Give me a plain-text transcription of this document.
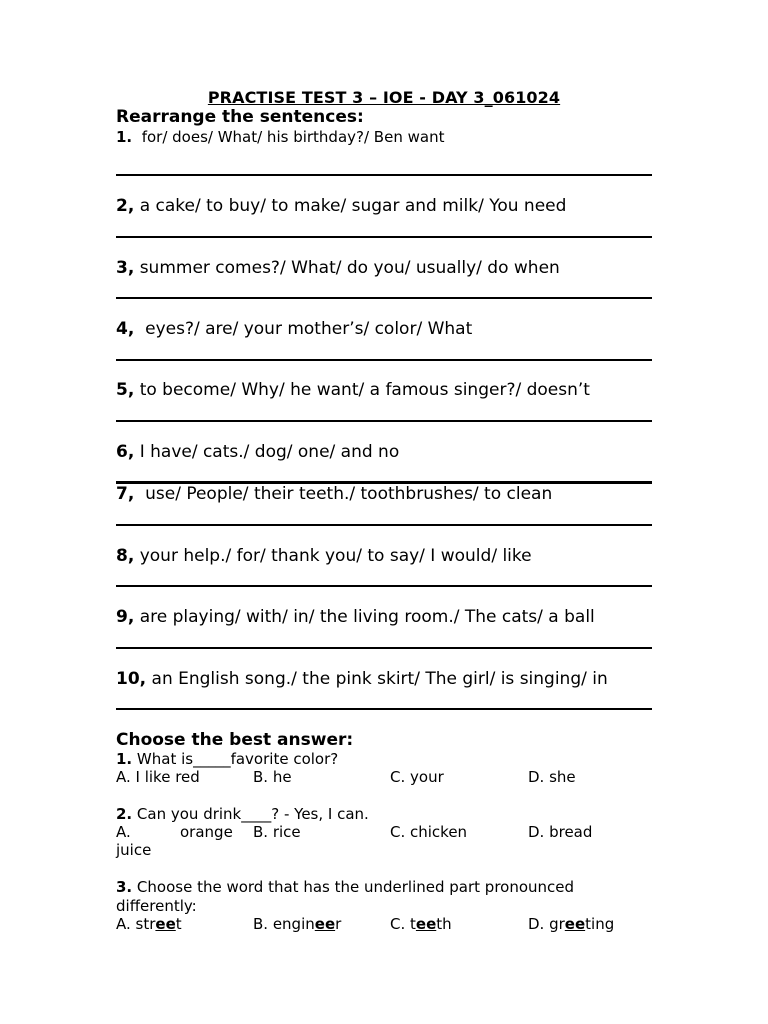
PRACTISE TEST 3 – IOE - DAY 3_061024
Rearrange the sentences:
1.  for/ does/ What/ his birthday?/ Ben want
2, a cake/ to buy/ to make/ sugar and milk/ You need
3, summer comes?/ What/ do you/ usually/ do when
4,  eyes?/ are/ your mother’s/ color/ What
5, to become/ Why/ he want/ a famous singer?/ doesn’t
6, I have/ cats./ dog/ one/ and no
7,  use/ People/ their teeth./ toothbrushes/ to clean
8, your help./ for/ thank you/ to say/ I would/ like
9, are playing/ with/ in/ the living room./ The cats/ a ball
10, an English song./ the pink skirt/ The girl/ is singing/ in
Choose the best answer:
1. What is_____favorite color?
A. I like red	B. he	C. your	D. she
2. Can you drink____? - Yes, I can.
A.	orange
juice
B. rice	C. chicken	D. bread
3. Choose the word that has the underlined part pronounced
differently:
A. street	B. engineer	C. teeth	D. greeting
